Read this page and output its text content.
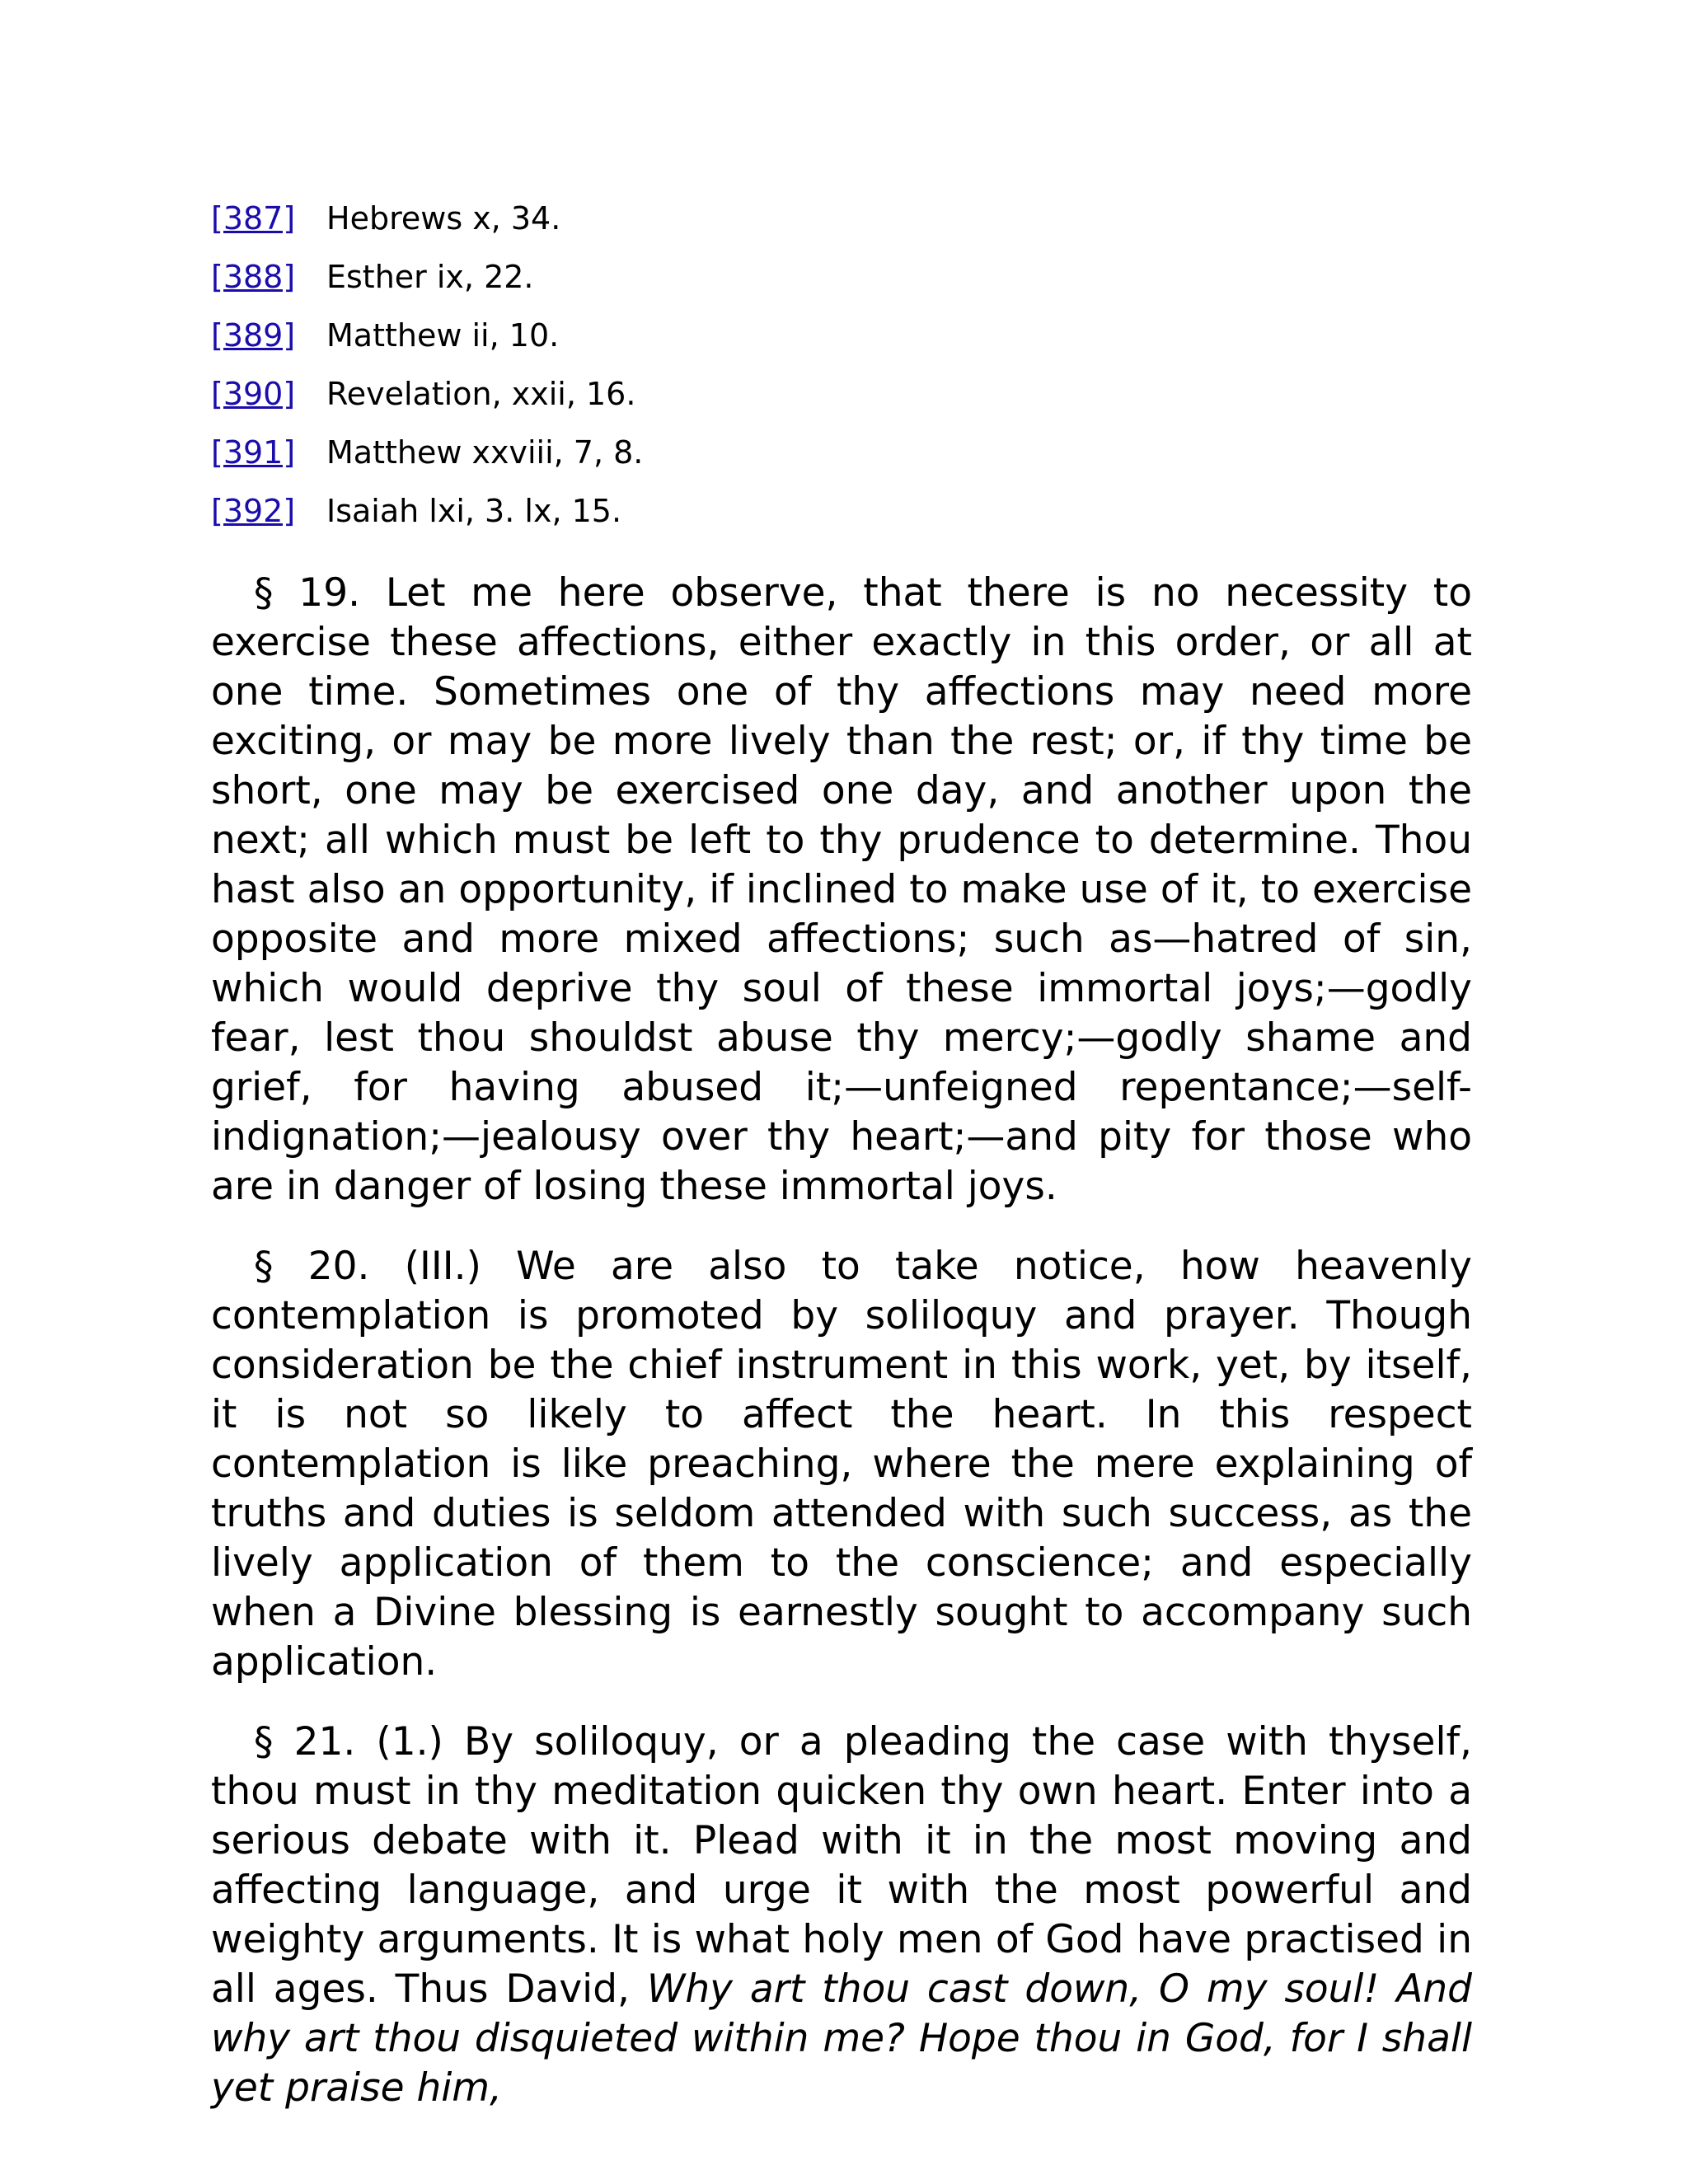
[387] Hebrews x, 34.
[388] Esther ix, 22.
[389] Matthew ii, 10.
[390] Revelation, xxii, 16.
[391] Matthew xxviii, 7, 8.
[392] Isaiah lxi, 3. lx, 15.

§ 19. Let me here observe, that there is no necessity to exercise these affections, either exactly in this order, or all at one time. Sometimes one of thy affections may need more exciting, or may be more lively than the rest; or, if thy time be short, one may be exercised one day, and another upon the next; all which must be left to thy prudence to determine. Thou hast also an opportunity, if inclined to make use of it, to exercise opposite and more mixed affections; such as—hatred of sin, which would deprive thy soul of these immortal joys;—godly fear, lest thou shouldst abuse thy mercy;—godly shame and grief, for having abused it;—unfeigned repentance;—self-indignation;—jealousy over thy heart;—and pity for those who are in danger of losing these immortal joys.

§ 20. (III.) We are also to take notice, how heavenly contemplation is promoted by soliloquy and prayer. Though consideration be the chief instrument in this work, yet, by itself, it is not so likely to affect the heart. In this respect contemplation is like preaching, where the mere explaining of truths and duties is seldom attended with such success, as the lively application of them to the conscience; and especially when a Divine blessing is earnestly sought to accompany such application.

§ 21. (1.) By soliloquy, or a pleading the case with thyself, thou must in thy meditation quicken thy own heart. Enter into a serious debate with it. Plead with it in the most moving and affecting language, and urge it with the most powerful and weighty arguments. It is what holy men of God have practised in all ages. Thus David, Why art thou cast down, O my soul! And why art thou disquieted within me? Hope thou in God, for I shall yet praise him,
